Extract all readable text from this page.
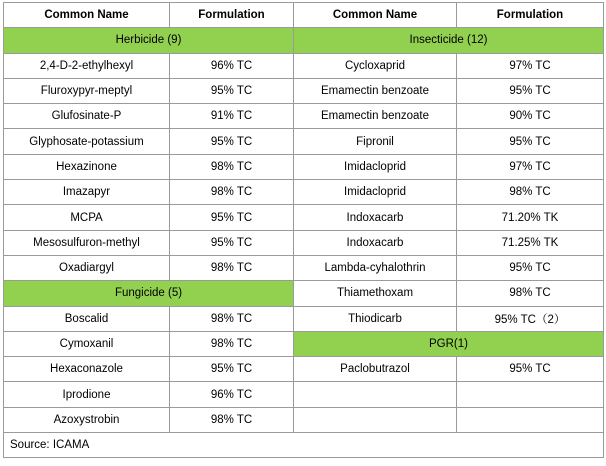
Common Name	Formulation	Common Name	Formulation
Herbicide (9)		Insecticide (12)	
2,4-D-2-ethylhexyl	96% TC	Cycloxaprid	97% TC
Fluroxypyr-meptyl	95% TC	Emamectin benzoate	95% TC
Glufosinate-P	91% TC	Emamectin benzoate	90% TC
Glyphosate-potassium	95% TC	Fipronil	95% TC
Hexazinone	98% TC	Imidacloprid	97% TC
Imazapyr	98% TC	Imidacloprid	98% TC
MCPA	95% TC	Indoxacarb	71.20% TK
Mesosulfuron-methyl	95% TC	Indoxacarb	71.25% TK
Oxadiargyl	98% TC	Lambda-cyhalothrin	95% TC
Fungicide (5)		Thiamethoxam	98% TC
Boscalid	98% TC	Thiodicarb	95% TC（2）
Cymoxanil	98% TC	PGR(1)	
Hexaconazole	95% TC	Paclobutrazol	95% TC
Iprodione	96% TC		
Azoxystrobin	98% TC		
Source: ICAMA			
